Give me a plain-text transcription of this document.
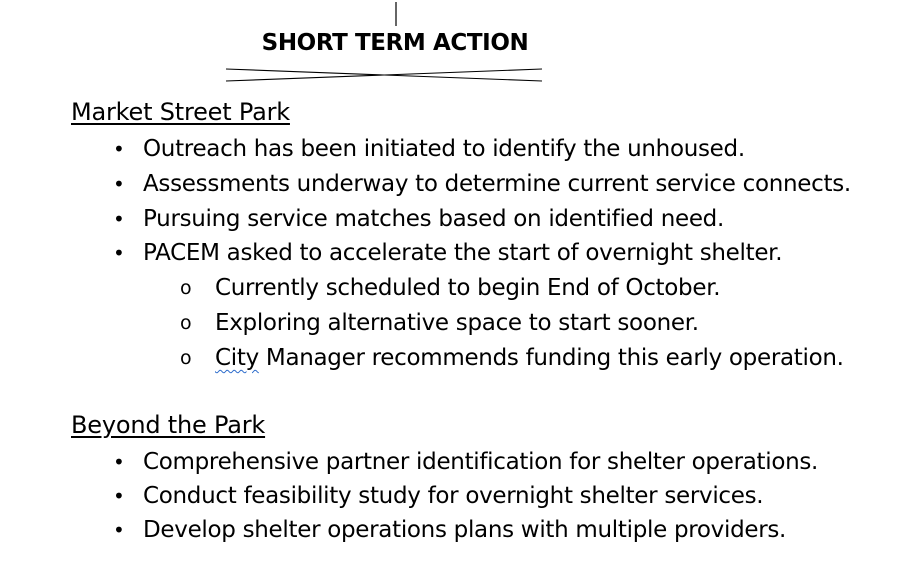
SHORT TERM ACTION
Market Street Park
• Outreach has been initiated to identify the unhoused.
• Assessments underway to determine current service connects.
• Pursuing service matches based on identified need.
• PACEM asked to accelerate the start of overnight shelter.
o Currently scheduled to begin End of October.
o Exploring alternative space to start sooner.
o City Manager recommends funding this early operation.
Beyond the Park
• Comprehensive partner identification for shelter operations.
• Conduct feasibility study for overnight shelter services.
• Develop shelter operations plans with multiple providers.
